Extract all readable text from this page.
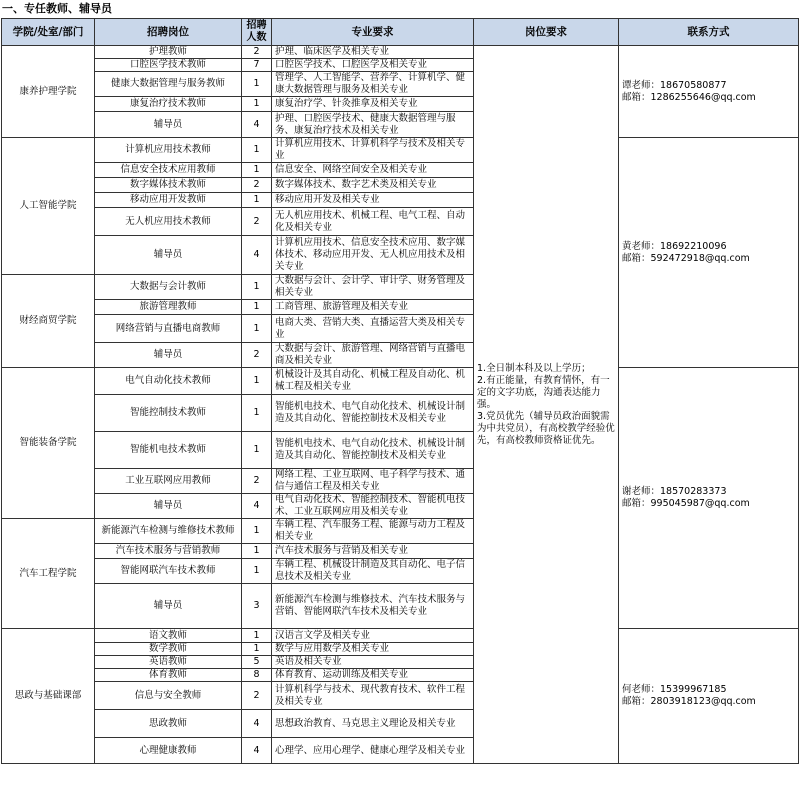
一、专任教师、辅导员
学院/处室/部门	招聘岗位	招聘人数	专业要求	岗位要求	联系方式
康养护理学院	护理教师	2	护理、临床医学及相关专业	1.全日制本科及以上学历；
2.有正能量，有教育情怀，有一定的文字功底，沟通表达能力强。
3.党员优先（辅导员政治面貌需为中共党员），有高校教学经验优先，有高校教师资格证优先。	谭老师：18670580877
邮箱：1286255646@qq.com

	口腔医学技术教师	7	口腔医学技术、口腔医学及相关专业		
	健康大数据管理与服务教师	1	管理学、人工智能学、营养学、计算机学、健康大数据管理与服务及相关专业		
	康复治疗技术教师	1	康复治疗学、针灸推拿及相关专业		
	辅导员	4	护理、口腔医学技术、健康大数据管理与服务、康复治疗技术及相关专业		
人工智能学院	计算机应用技术教师	1	计算机应用技术、计算机科学与技术及相关专业		黄老师：18692210096
邮箱：592472918@qq.com

	信息安全技术应用教师	1	信息安全、网络空间安全及相关专业		
	数字媒体技术教师	2	数字媒体技术、数字艺术类及相关专业		
	移动应用开发教师	1	移动应用开发及相关专业		
	无人机应用技术教师	2	无人机应用技术、机械工程、电气工程、自动化及相关专业		
	辅导员	4	计算机应用技术、信息安全技术应用、数字媒体技术、移动应用开发、无人机应用技术及相关专业		
财经商贸学院	大数据与会计教师	1	大数据与会计、会计学、审计学、财务管理及相关专业		
	旅游管理教师	1	工商管理、旅游管理及相关专业		
	网络营销与直播电商教师	1	电商大类、营销大类、直播运营大类及相关专业		
	辅导员	2	大数据与会计、旅游管理、网络营销与直播电商及相关专业		
智能装备学院	电气自动化技术教师	1	机械设计及其自动化、机械工程及自动化、机械工程及相关专业		谢老师：18570283373
邮箱：995045987@qq.com

	智能控制技术教师	1	智能机电技术、电气自动化技术、机械设计制造及其自动化、智能控制技术及相关专业		
	智能机电技术教师	1	智能机电技术、电气自动化技术、机械设计制造及其自动化、智能控制技术及相关专业		
	工业互联网应用教师	2	网络工程、工业互联网、电子科学与技术、通信与通信工程及相关专业		
	辅导员	4	电气自动化技术、智能控制技术、智能机电技术、工业互联网应用及相关专业		
汽车工程学院	新能源汽车检测与维修技术教师	1	车辆工程、汽车服务工程、能源与动力工程及相关专业		
	汽车技术服务与营销教师	1	汽车技术服务与营销及相关专业		
	智能网联汽车技术教师	1	车辆工程、机械设计制造及其自动化、电子信息技术及相关专业		
	辅导员	3	新能源汽车检测与维修技术、汽车技术服务与营销、智能网联汽车技术及相关专业		
思政与基础课部	语文教师	1	汉语言文学及相关专业		何老师：15399967185
邮箱：2803918123@qq.com

	数学教师	1	数学与应用数学及相关专业		
	英语教师	5	英语及相关专业		
	体育教师	8	体育教育、运动训练及相关专业		
	信息与安全教师	2	计算机科学与技术、现代教育技术、软件工程及相关专业		
	思政教师	4	思想政治教育、马克思主义理论及相关专业		
	心理健康教师	4	心理学、应用心理学、健康心理学及相关专业		
